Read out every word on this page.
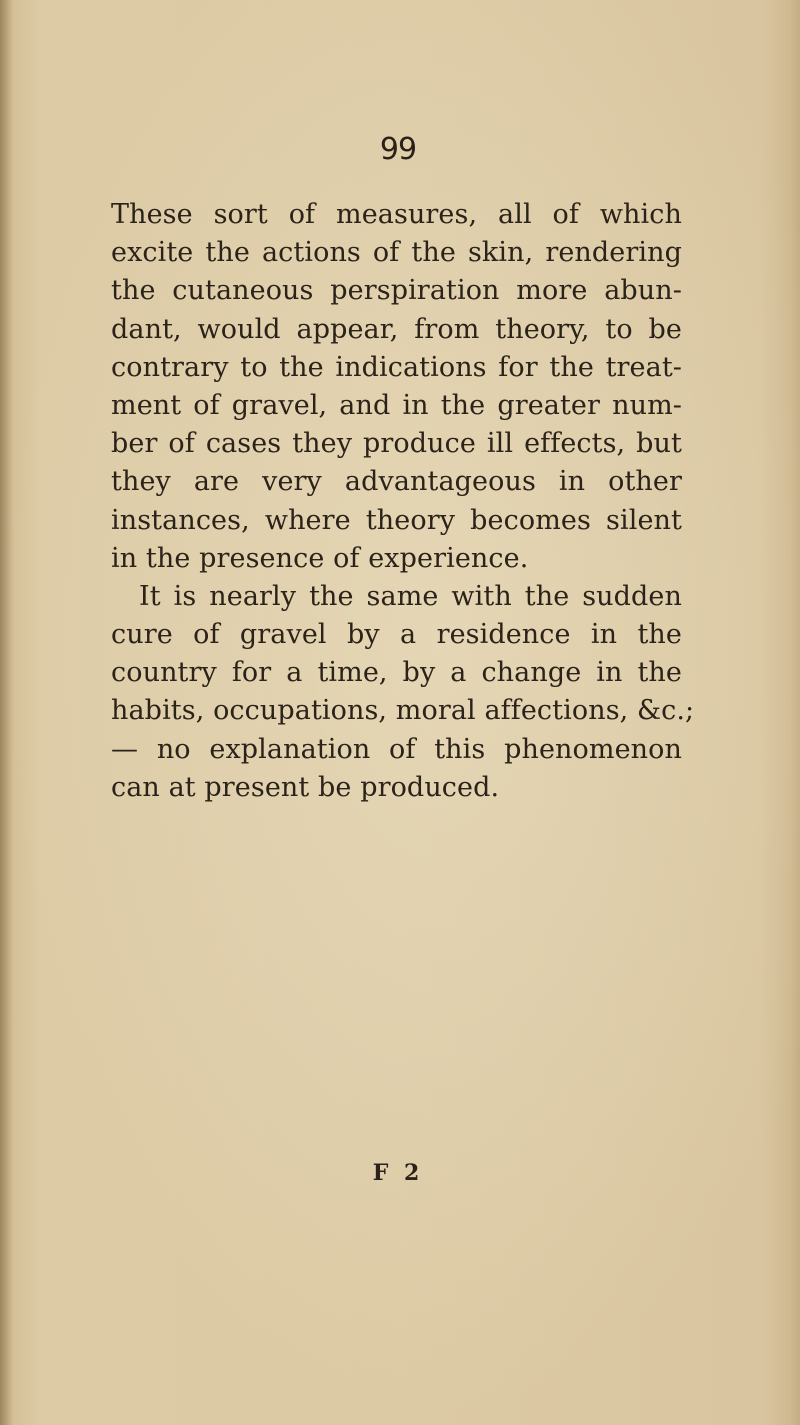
99
These sort of measures, all of which
excite the actions of the skin, rendering
the cutaneous perspiration more abun-
dant, would appear, from theory, to be
contrary to the indications for the treat-
ment of gravel, and in the greater num-
ber of cases they produce ill effects, but
they are very advantageous in other
instances, where theory becomes silent
in the presence of experience.
It is nearly the same with the sudden
cure of gravel by a residence in the
country for a time, by a change in the
habits, occupations, moral affections, &c.;
— no explanation of this phenomenon
can at present be produced.
F 2
